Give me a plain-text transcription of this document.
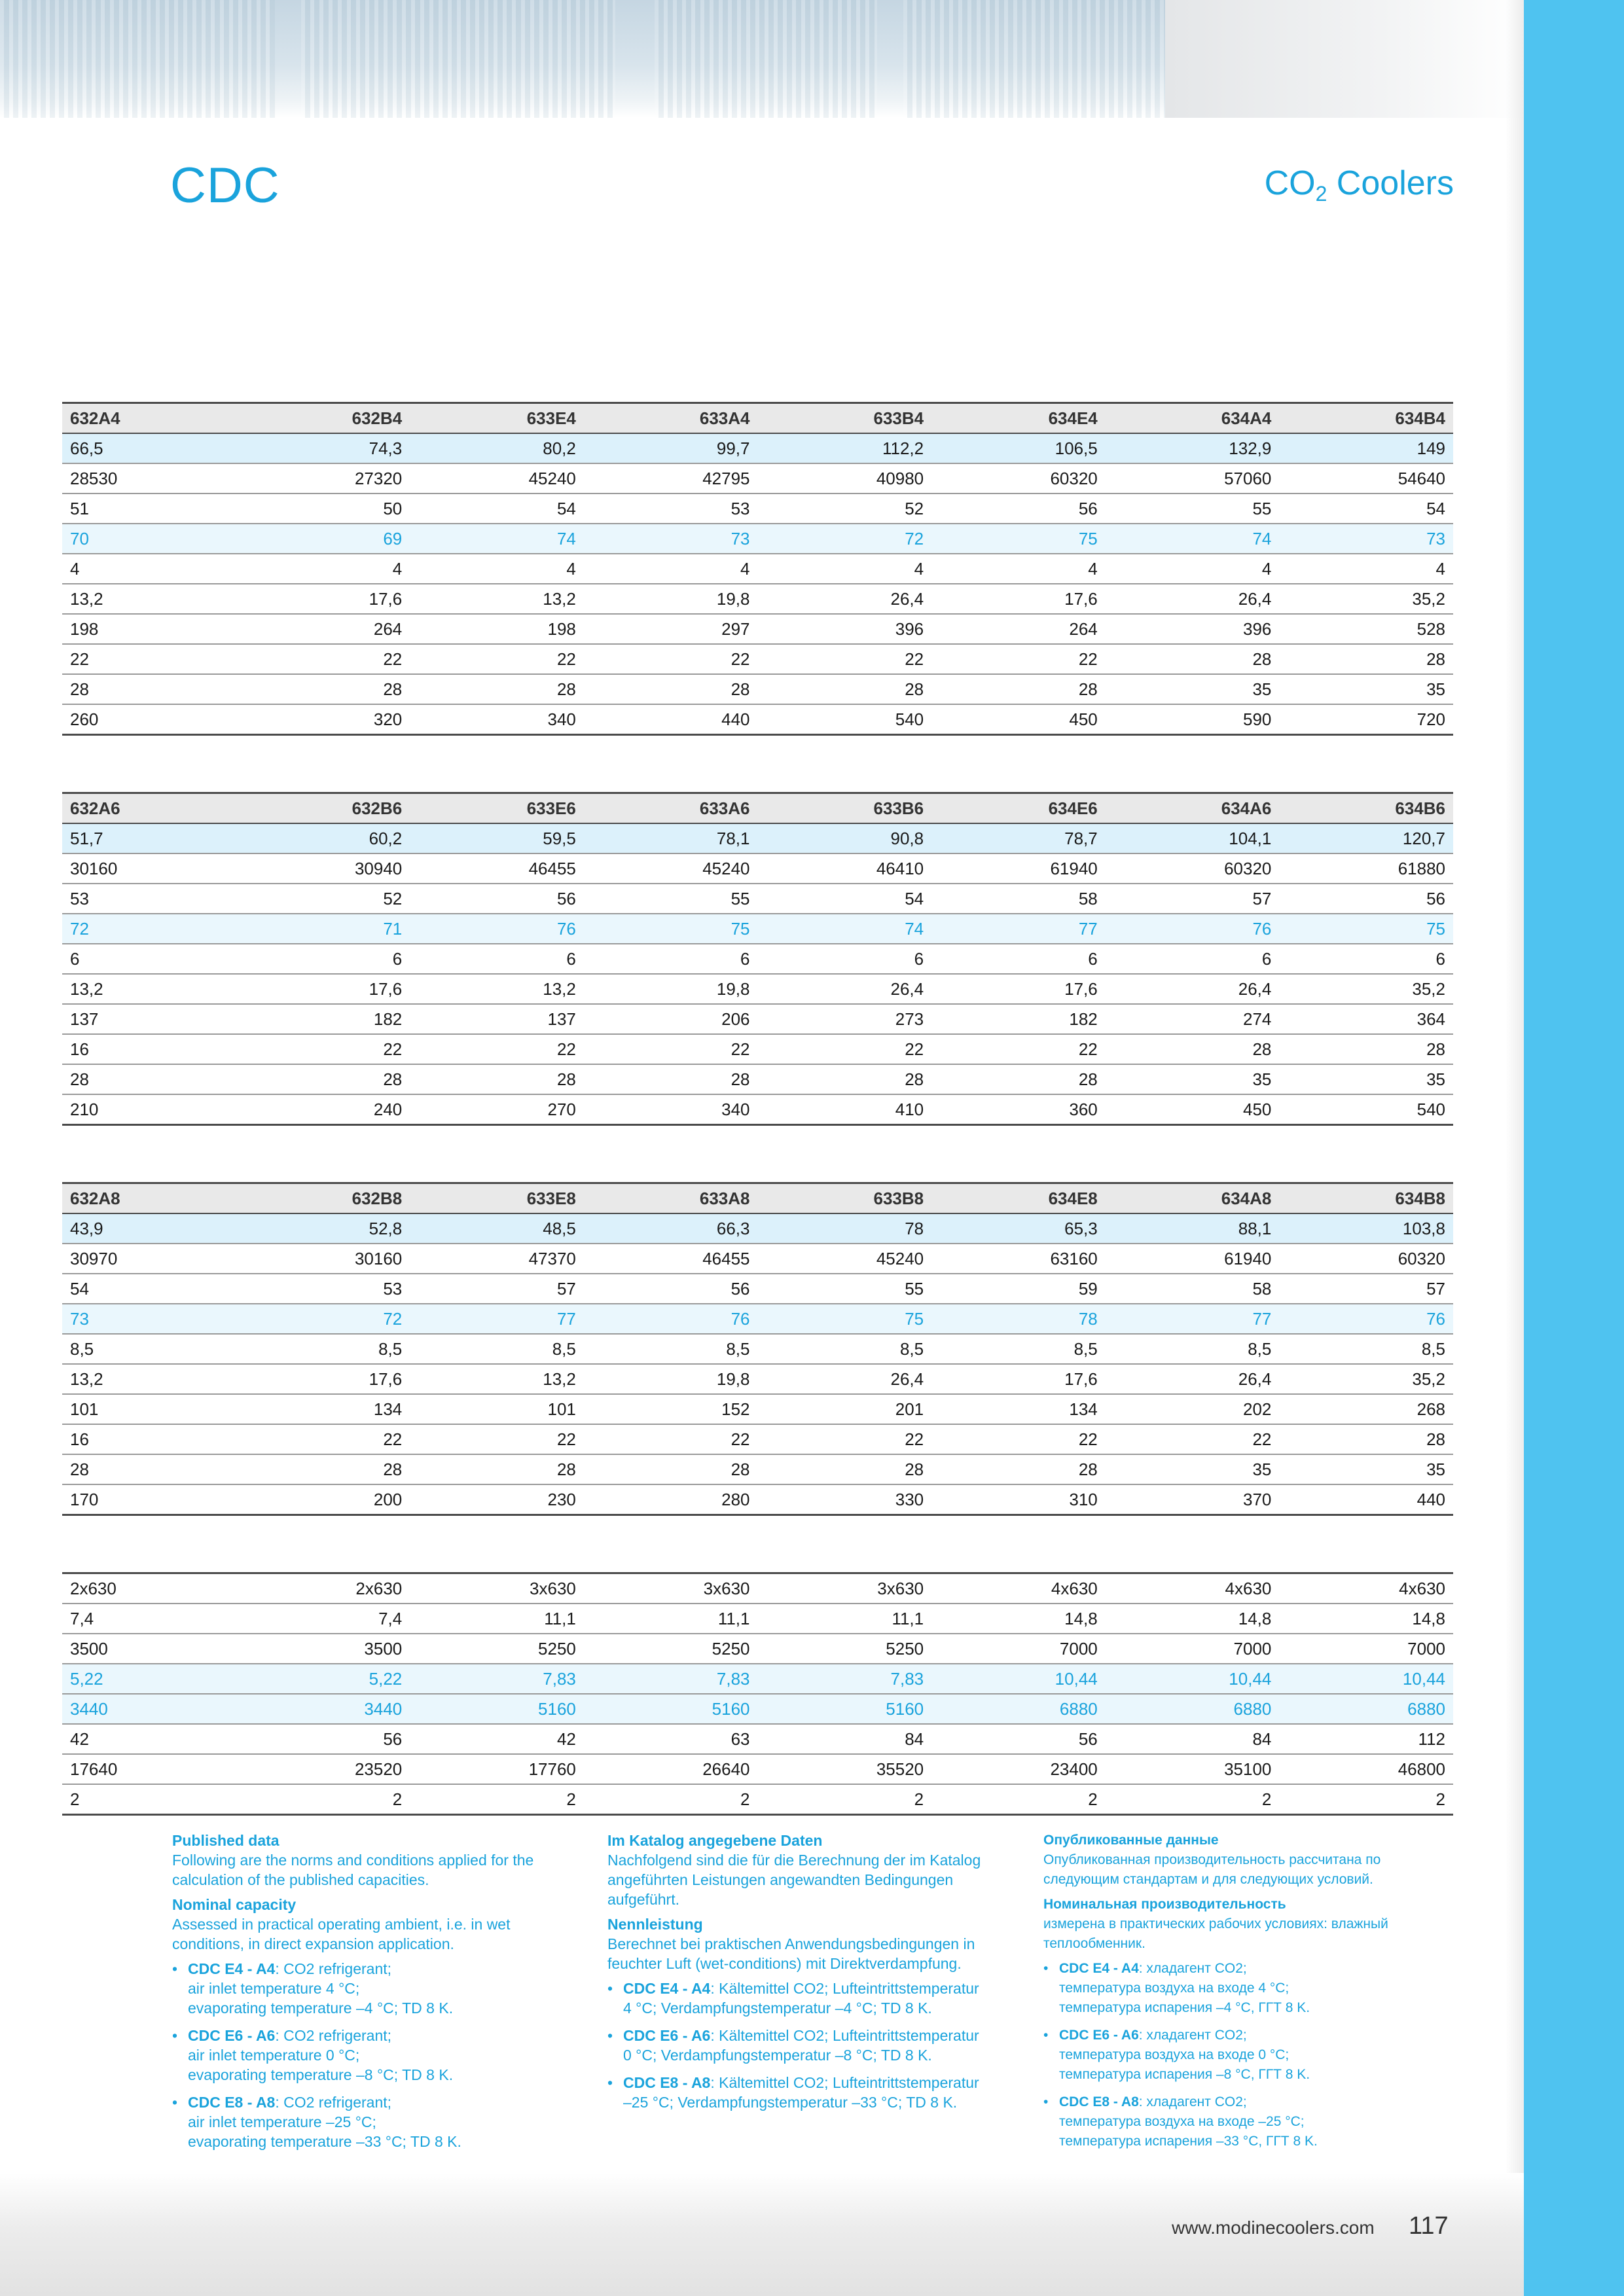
CDC	$CO_2$ Coolers
632A4	632B4	633E4	633A4	633B4	634E4	634A4	634B4
66,5	74,3	80,2	99,7	112,2	106,5	132,9	149
28530	27320	45240	42795	40980	60320	57060	54640
51	50	54	53	52	56	55	54
70	69	74	73	72	75	74	73
4	4	4	4	4	4	4	4
13,2	17,6	13,2	19,8	26,4	17,6	26,4	35,2
198	264	198	297	396	264	396	528
22	22	22	22	22	22	28	28
28	28	28	28	28	28	35	35
260	320	340	440	540	450	590	720
632A6	632B6	633E6	633A6	633B6	634E6	634A6	634B6
51,7	60,2	59,5	78,1	90,8	78,7	104,1	120,7
30160	30940	46455	45240	46410	61940	60320	61880
53	52	56	55	54	58	57	56
72	71	76	75	74	77	76	75
6	6	6	6	6	6	6	6
13,2	17,6	13,2	19,8	26,4	17,6	26,4	35,2
137	182	137	206	273	182	274	364
16	22	22	22	22	22	28	28
28	28	28	28	28	28	35	35
210	240	270	340	410	360	450	540
632A8	632B8	633E8	633A8	633B8	634E8	634A8	634B8
43,9	52,8	48,5	66,3	78	65,3	88,1	103,8
30970	30160	47370	46455	45240	63160	61940	60320
54	53	57	56	55	59	58	57
73	72	77	76	75	78	77	76
8,5	8,5	8,5	8,5	8,5	8,5	8,5	8,5
13,2	17,6	13,2	19,8	26,4	17,6	26,4	35,2
101	134	101	152	201	134	202	268
16	22	22	22	22	22	22	28
28	28	28	28	28	28	35	35
170	200	230	280	330	310	370	440
2x630	2x630	3x630	3x630	3x630	4x630	4x630	4x630
7,4	7,4	11,1	11,1	11,1	14,8	14,8	14,8
3500	3500	5250	5250	5250	7000	7000	7000
5,22	5,22	7,83	7,83	7,83	10,44	10,44	10,44
3440	3440	5160	5160	5160	6880	6880	6880
42	56	42	63	84	56	84	112
17640	23520	17760	26640	35520	23400	35100	46800
2	2	2	2	2	2	2	2
Published data
Following are the norms and conditions applied for the calculation of the published capacities.
Nominal capacity
Assessed in practical operating ambient, i.e. in wet conditions, in direct expansion application.
• CDC E4 - A4: CO2 refrigerant;
air inlet temperature 4 °C;
evaporating temperature –4 °C; TD 8 K.
• CDC E6 - A6: CO2 refrigerant;
air inlet temperature 0 °C;
evaporating temperature –8 °C; TD 8 K.
• CDC E8 - A8: CO2 refrigerant;
air inlet temperature –25 °C;
evaporating temperature –33 °C; TD 8 K.
Im Katalog angegebene Daten
Nachfolgend sind die für die Berechnung der im Katalog angeführten Leistungen angewandten Bedingungen aufgeführt.
Nennleistung
Berechnet bei praktischen Anwendungsbedingungen in feuchter Luft (wet-conditions) mit Direktverdampfung.
• CDC E4 - A4: Kältemittel CO2; Lufteintrittstemperatur
4 °C; Verdampfungstemperatur –4 °C; TD 8 K.
• CDC E6 - A6: Kältemittel CO2; Lufteintrittstemperatur
0 °C; Verdampfungstemperatur –8 °C; TD 8 K.
• CDC E8 - A8: Kältemittel CO2; Lufteintrittstemperatur
–25 °C; Verdampfungstemperatur –33 °C; TD 8 K.
Опубликованные данные
Опубликованная производительность рассчитана по следующим стандартам и для следующих условий.
Номинальная производительность
измерена в практических рабочих условиях: влажный теплообменник.
• CDC E4 - A4: хладагент CO2;
температура воздуха на входе 4 °C;
температура испарения –4 °C, ГГТ 8 K.
• CDC E6 - A6: хладагент CO2;
температура воздуха на входе 0 °C;
температура испарения –8 °C, ГГТ 8 K.
• CDC E8 - A8: хладагент CO2;
температура воздуха на входе –25 °C;
температура испарения –33 °C, ГГТ 8 K.
www.modinecoolers.com 117
